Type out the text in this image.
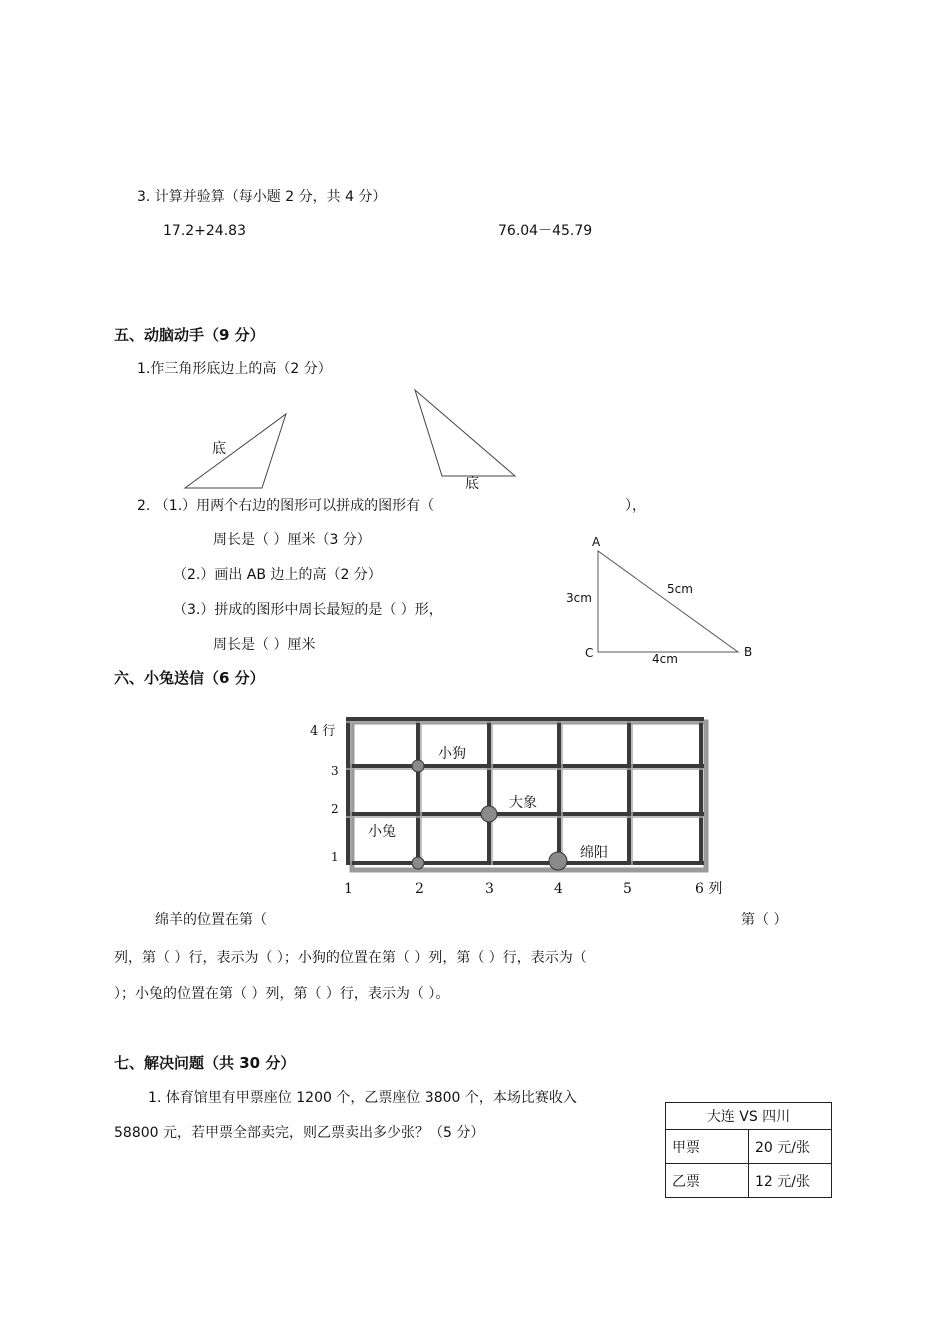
3. 计算并验算（每小题 2 分，共 4 分）
17.2+24.83	76.04－45.79
五、动脑动手（9 分）
1.作三角形底边上的高（2 分）
底
底
2. （1.）用两个右边的图形可以拼成的图形有（	），
周长是（ ）厘米（3 分）
（2.）画出 AB 边上的高（2 分）
（3.）拼成的图形中周长最短的是（ ）形，
周长是（ ）厘米
A
B
C
3cm
5cm
4cm
六、小兔送信（6 分）
4 行
3
2
1
1	2	3	4	5	6 列
小狗
大象
小兔
绵阳
绵羊的位置在第（	第（ ）
列，第（ ）行，表示为（ ）；小狗的位置在第（ ）列，第（ ）行，表示为（
）；小兔的位置在第（ ）列，第（ ）行，表示为（ ）。
七、解决问题（共 30 分）
1. 体育馆里有甲票座位 1200 个，乙票座位 3800 个，本场比赛收入
58800 元，若甲票全部卖完，则乙票卖出多少张？（5 分）
大连 VS 四川	
甲票	20 元/张
乙票	12 元/张
